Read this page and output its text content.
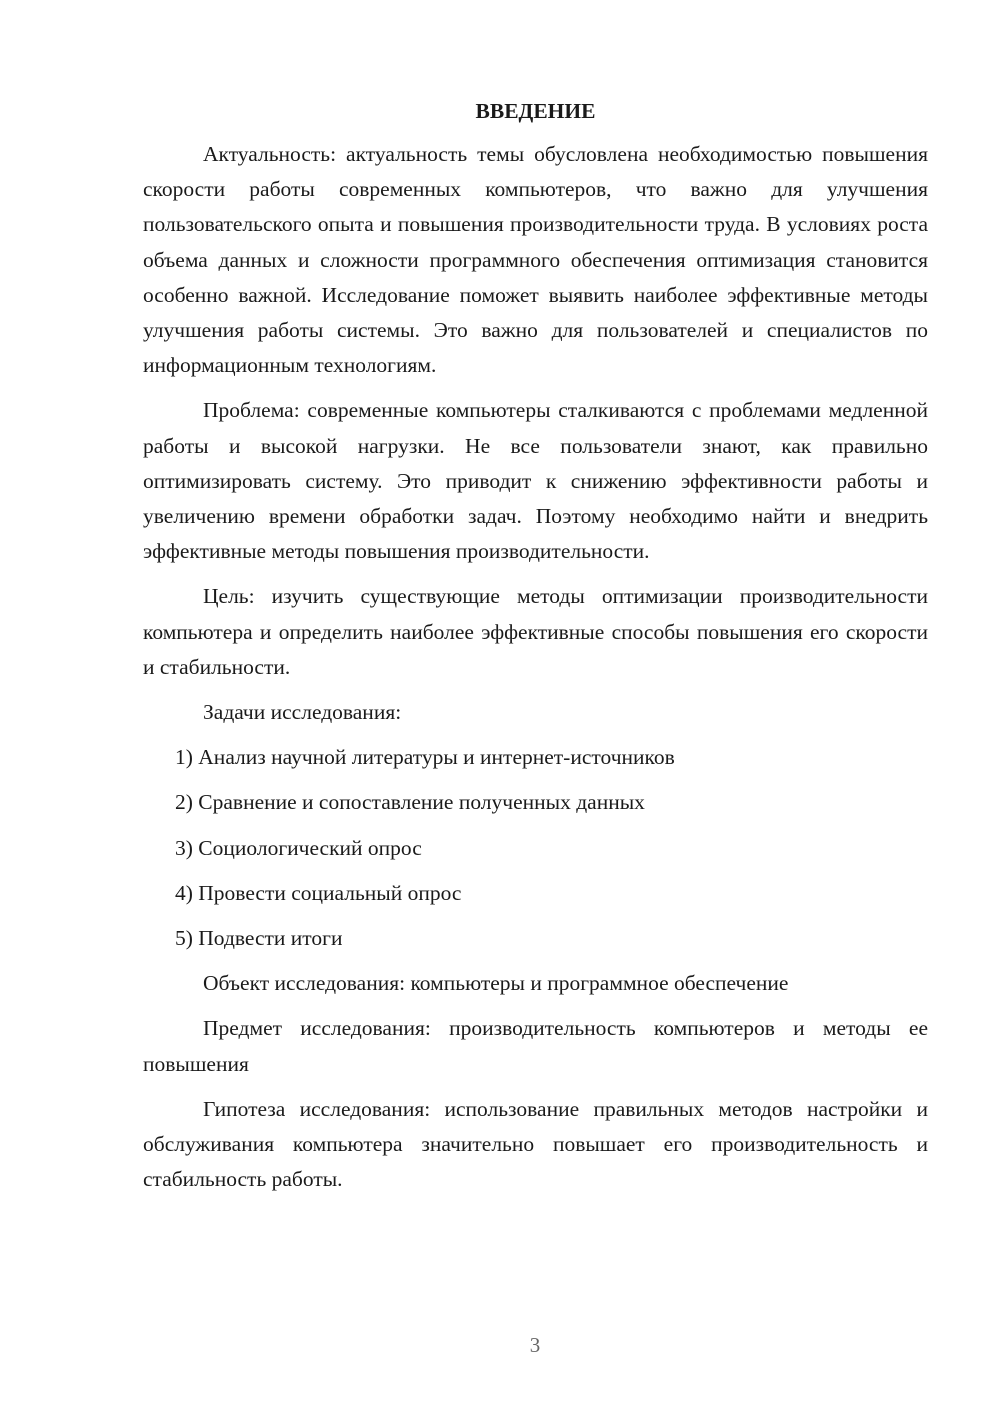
ВВЕДЕНИЕ

Актуальность: актуальность темы обусловлена необходимостью повышения скорости работы современных компьютеров, что важно для улучшения пользовательского опыта и повышения производительности труда. В условиях роста объема данных и сложности программного обеспечения оптимизация становится особенно важной. Исследование поможет выявить наиболее эффективные методы улучшения работы системы. Это важно для пользователей и специалистов по информационным технологиям.

Проблема: современные компьютеры сталкиваются с проблемами медленной работы и высокой нагрузки. Не все пользователи знают, как правильно оптимизировать систему. Это приводит к снижению эффективности работы и увеличению времени обработки задач. Поэтому необходимо найти и внедрить эффективные методы повышения производительности.

Цель: изучить существующие методы оптимизации производительности компьютера и определить наиболее эффективные способы повышения его скорости и стабильности.

Задачи исследования:

1) Анализ научной литературы и интернет-источников
2) Сравнение и сопоставление полученных данных
3) Социологический опрос
4) Провести социальный опрос
5) Подвести итоги

Объект исследования: компьютеры и программное обеспечение

Предмет исследования: производительность компьютеров и методы ее повышения

Гипотеза исследования: использование правильных методов настройки и обслуживания компьютера значительно повышает его производительность и стабильность работы.

3
